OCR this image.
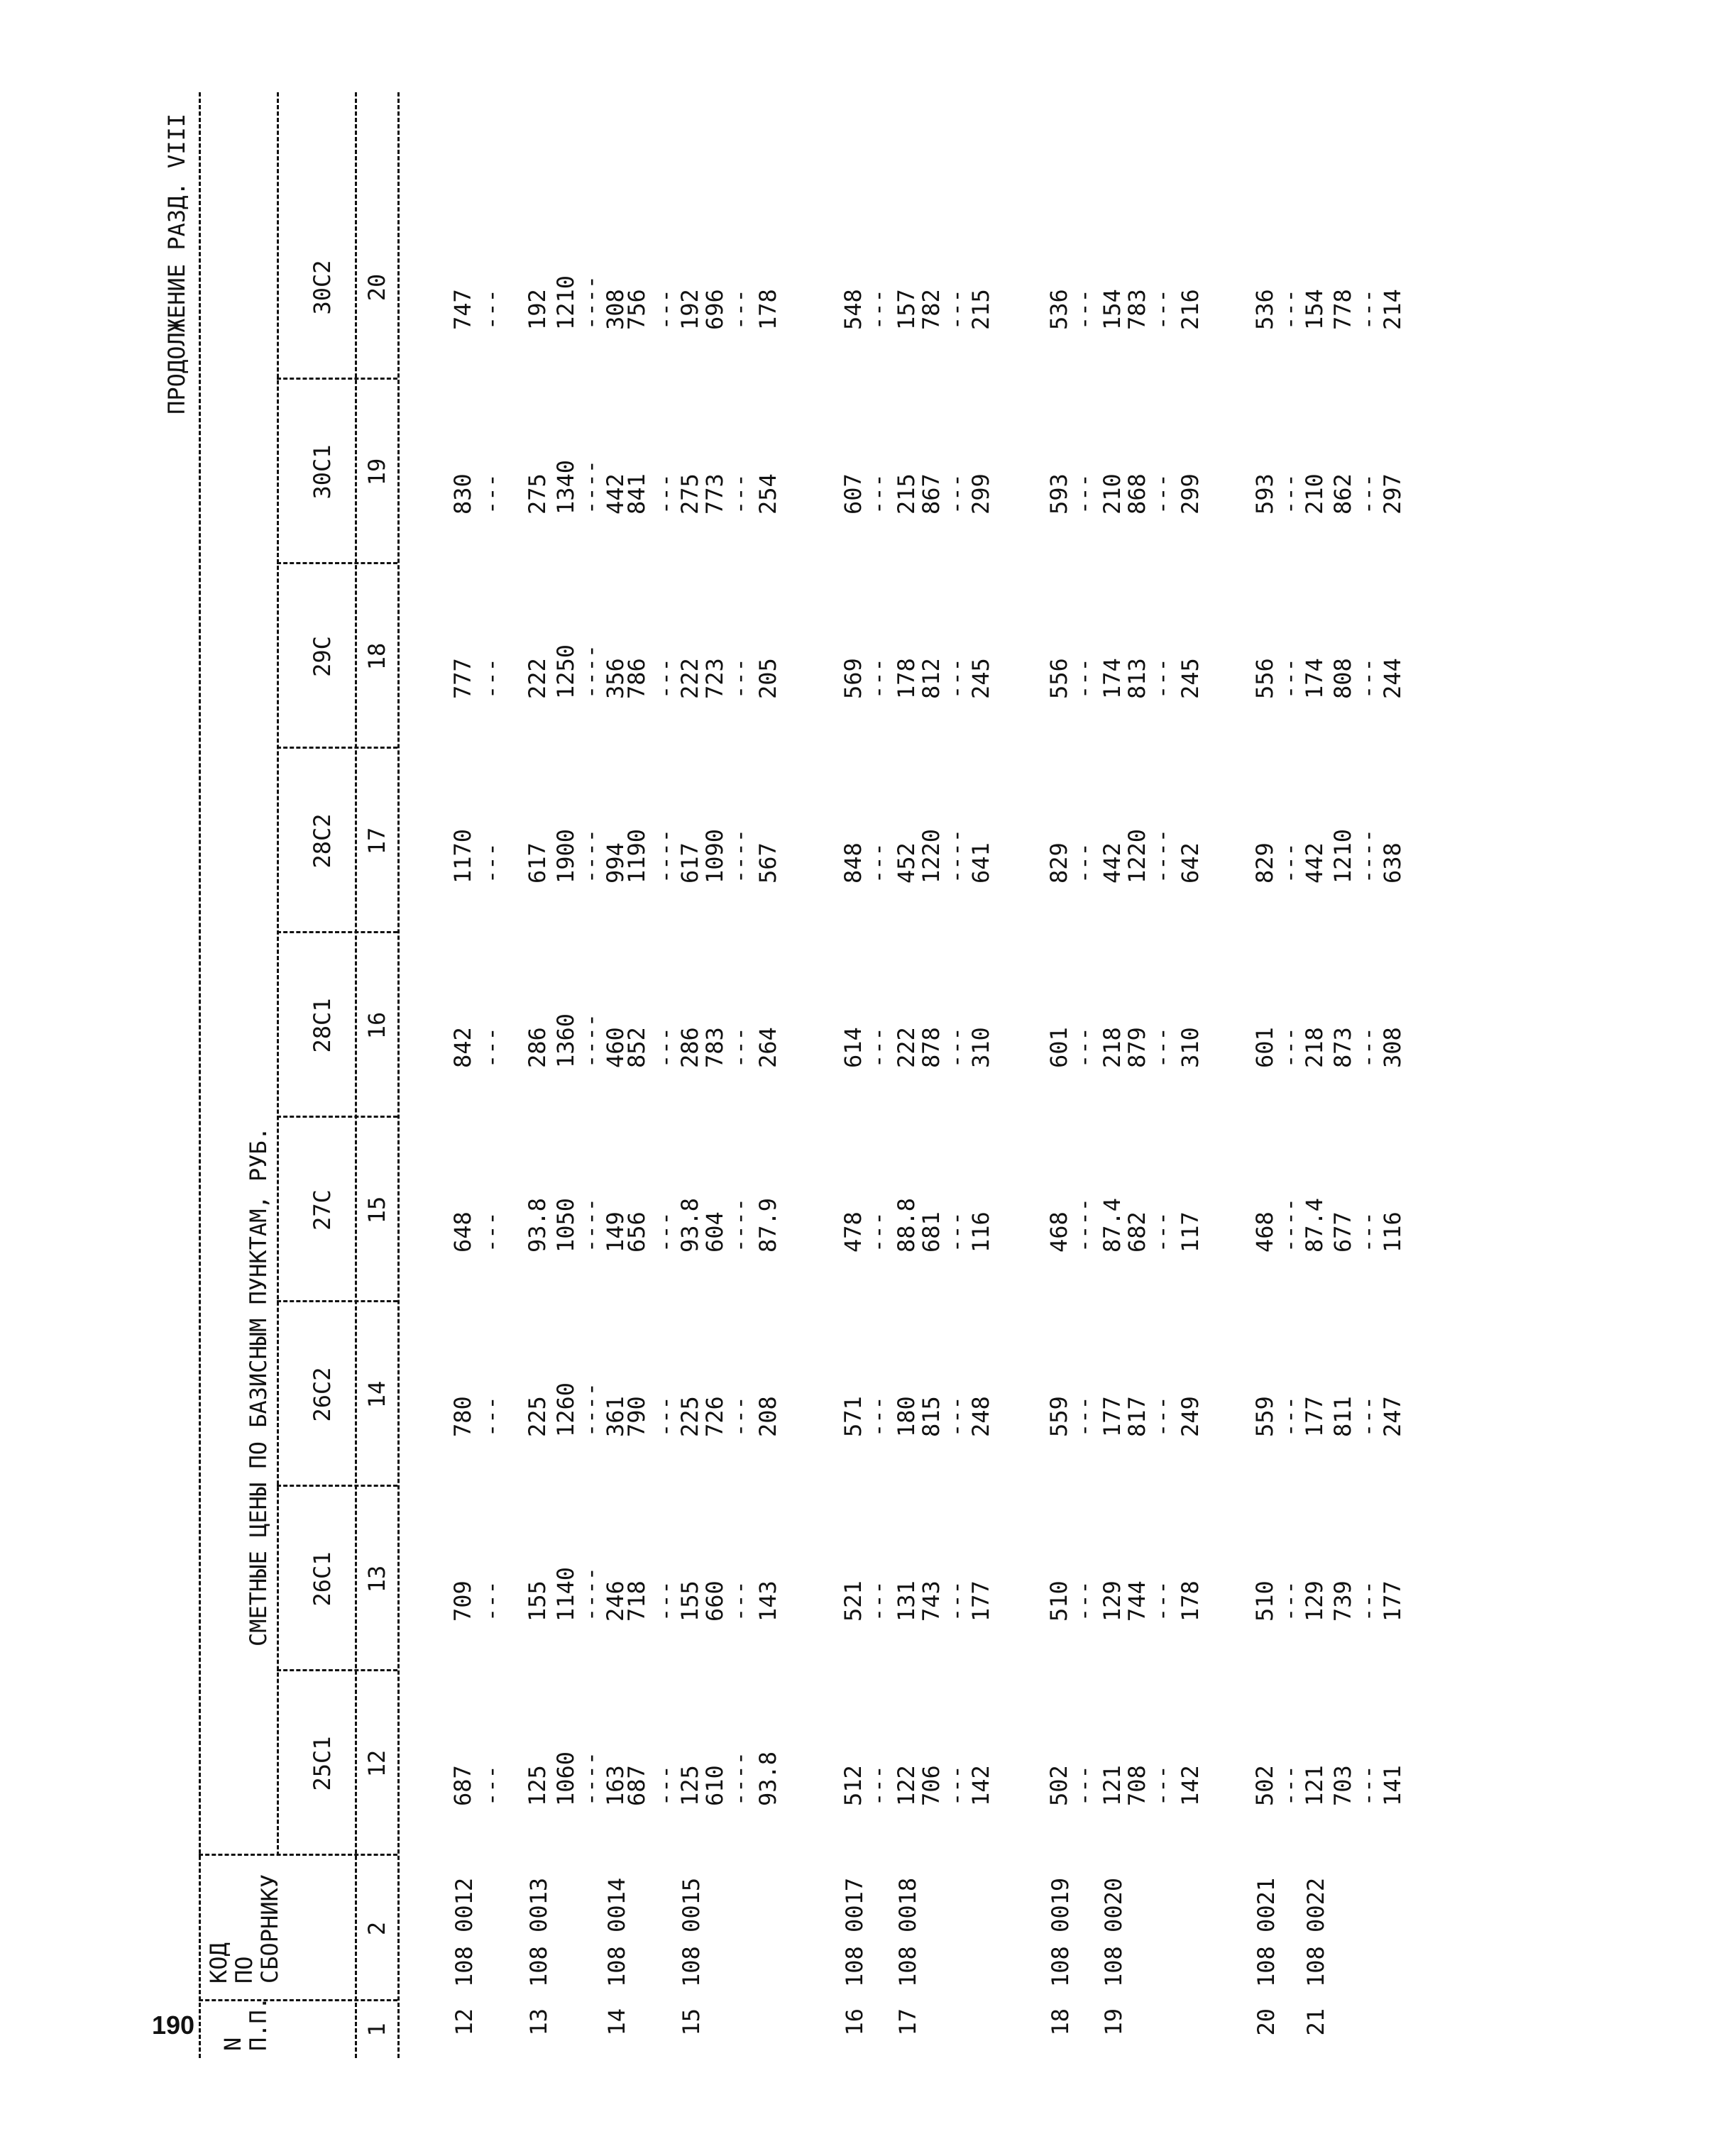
190
ПРОДОЛЖЕНИЕ РАЗД. VIII
N
П.П.
КОД
ПО
СБОРНИКУ
СМЕТНЫЕ ЦЕНЫ ПО БАЗИСНЫМ ПУНКТАМ, РУБ.
25С1
26С1
26С2
27С
28С1
28С2
29С
30С1
30С2
1
2
12
13
14
15
16
17
18
19
20
12
108 0012
687
709
780
648
842
1170
777
830
747
---
---
---
---
---
---
---
---
---
13
108 0013
125
155
225
93.8
286
617
222
275
192
1060
1140
1260
1050
1360
1900
1250
1340
1210
----
----
----
----
----
----
----
----
----
14
108 0014
163
246
361
149
460
994
356
442
308
687
718
790
656
852
1190
786
841
756
---
---
---
---
---
----
---
---
---
15
108 0015
125
155
225
93.8
286
617
222
275
192
610
660
726
604
783
1090
723
773
696
----
---
---
----
---
----
---
---
---
93.8
143
208
87.9
264
567
205
254
178
16
108 0017
512
521
571
478
614
848
569
607
548
---
---
---
---
---
---
---
---
---
17
108 0018
122
131
180
88.8
222
452
178
215
157
706
743
815
681
878
1220
812
867
782
---
---
---
---
---
----
---
---
---
142
177
248
116
310
641
245
299
215
18
108 0019
502
510
559
468
601
829
556
593
536
---
---
---
----
---
---
---
---
---
19
108 0020
121
129
177
87.4
218
442
174
210
154
708
744
817
682
879
1220
813
868
783
---
---
---
---
---
----
---
---
---
142
178
249
117
310
642
245
299
216
20
108 0021
502
510
559
468
601
829
556
593
536
---
---
---
----
---
---
---
---
---
21
108 0022
121
129
177
87.4
218
442
174
210
154
703
739
811
677
873
1210
808
862
778
---
---
---
---
---
----
---
---
---
141
177
247
116
308
638
244
297
214
